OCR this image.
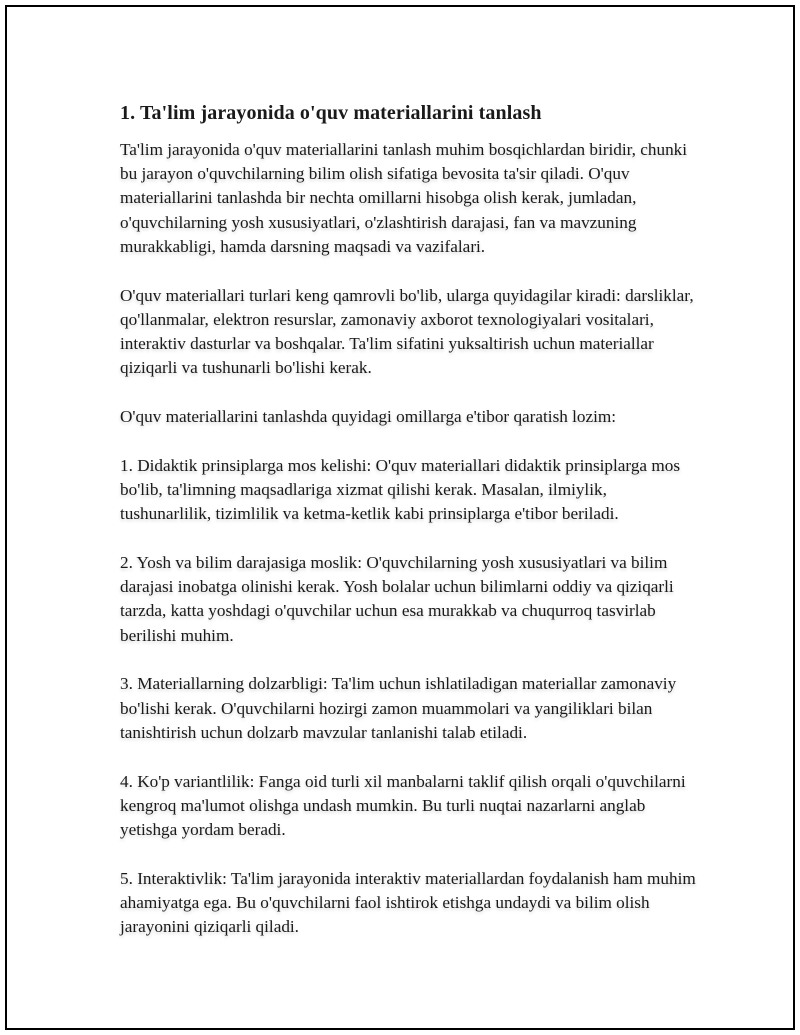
1. Ta'lim jarayonida o'quv materiallarini tanlash

Ta'lim jarayonida o'quv materiallarini tanlash muhim bosqichlardan biridir, chunki bu jarayon o'quvchilarning bilim olish sifatiga bevosita ta'sir qiladi. O'quv materiallarini tanlashda bir nechta omillarni hisobga olish kerak, jumladan, o'quvchilarning yosh xususiyatlari, o'zlashtirish darajasi, fan va mavzuning murakkabligi, hamda darsning maqsadi va vazifalari.

O'quv materiallari turlari keng qamrovli bo'lib, ularga quyidagilar kiradi: darsliklar, qo'llanmalar, elektron resurslar, zamonaviy axborot texnologiyalari vositalari, interaktiv dasturlar va boshqalar. Ta'lim sifatini yuksaltirish uchun materiallar qiziqarli va tushunarli bo'lishi kerak.

O'quv materiallarini tanlashda quyidagi omillarga e'tibor qaratish lozim:

1. Didaktik prinsiplarga mos kelishi: O'quv materiallari didaktik prinsiplarga mos bo'lib, ta'limning maqsadlariga xizmat qilishi kerak. Masalan, ilmiylik, tushunarlilik, tizimlilik va ketma-ketlik kabi prinsiplarga e'tibor beriladi.

2. Yosh va bilim darajasiga moslik: O'quvchilarning yosh xususiyatlari va bilim darajasi inobatga olinishi kerak. Yosh bolalar uchun bilimlarni oddiy va qiziqarli tarzda, katta yoshdagi o'quvchilar uchun esa murakkab va chuqurroq tasvirlab berilishi muhim.

3. Materiallarning dolzarbligi: Ta'lim uchun ishlatiladigan materiallar zamonaviy bo'lishi kerak. O'quvchilarni hozirgi zamon muammolari va yangiliklari bilan tanishtirish uchun dolzarb mavzular tanlanishi talab etiladi.

4. Ko'p variantlilik: Fanga oid turli xil manbalarni taklif qilish orqali o'quvchilarni kengroq ma'lumot olishga undash mumkin. Bu turli nuqtai nazarlarni anglab yetishga yordam beradi.

5. Interaktivlik: Ta'lim jarayonida interaktiv materiallardan foydalanish ham muhim ahamiyatga ega. Bu o'quvchilarni faol ishtirok etishga undaydi va bilim olish jarayonini qiziqarli qiladi.
